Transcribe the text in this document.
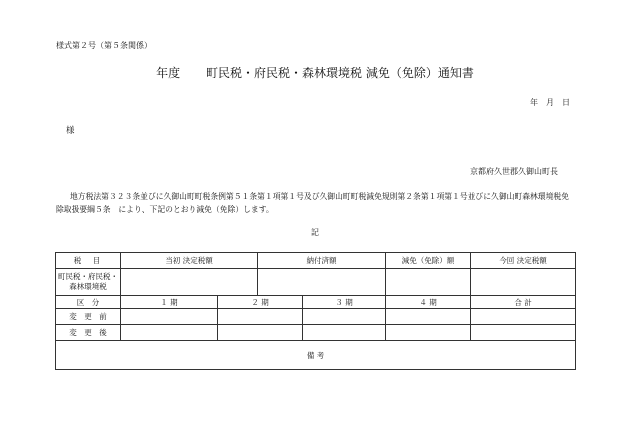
様式第２号（第５条関係）
年度 町民税・府民税・森林環境税 減免（免除）通知書
年　月　日
様
京都府久世郡久御山町長
地方税法第３２３条並びに久御山町町税条例第５１条第１項第１号及び久御山町町税減免規則第２条第１項第１号並びに久御山町森林環境税免除取扱要綱５条　により、下記のとおり減免（免除）します。
記
税　目	当初 決定税額		納付済額		減免（免除）額	今回 決定税額
町民税・府民税・
森林環境税						
区　分	１ 期	２ 期		３ 期	４ 期	合 計
変　更　前						
変　更　後						
備 考						
